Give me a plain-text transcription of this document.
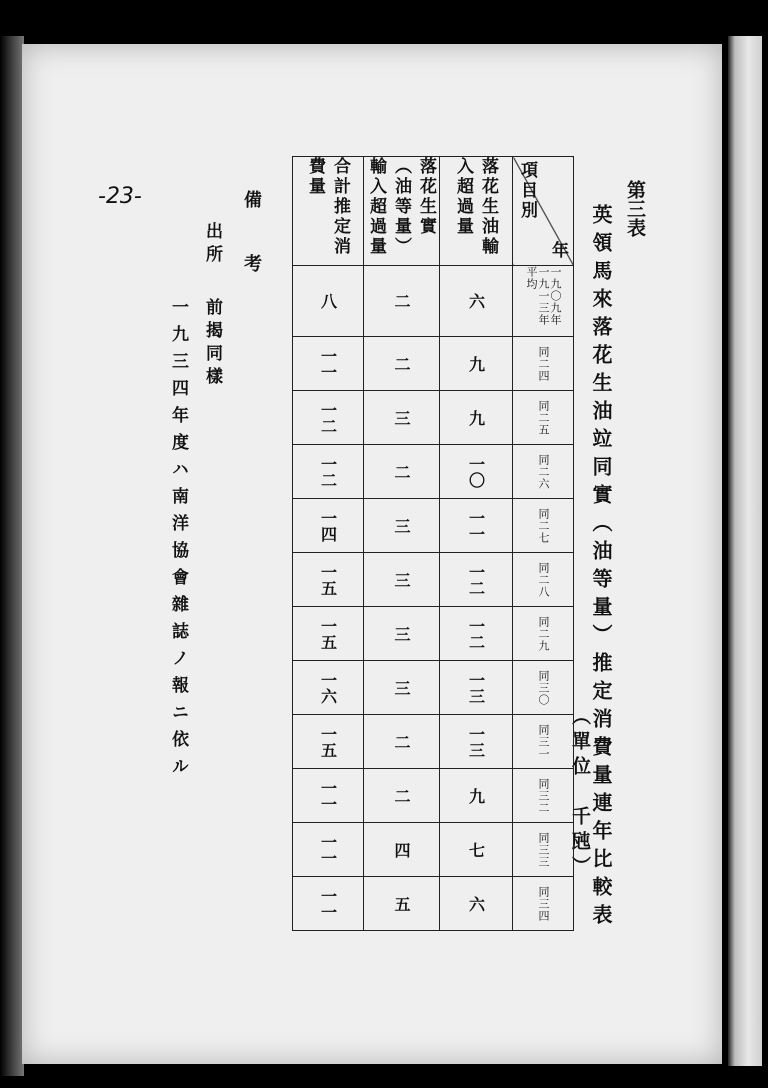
-23-	第三表
英領馬來落花生油竝同實（油等量）推定消費量連年比較表
（單位　千瓲）
合計推定消費量	落花生實（油等量）輸入超過量	落花生油輸入超過量	年
項目別

八	二	六	一九〇九年一九一三年平均

一一	二	九	同二四

一二	三	九	同二五

一二	二	一〇	同二六

一四	三	一一	同二七

一五	三	一二	同二八

一五	三	一二	同二九

一六	三	一三	同三〇

一五	二	一三	同三一

一一	二	九	同三二

一一	四	七	同三三

一一	五	六	同三四
備　考
出所
前揭同樣
一九三四年度ハ南洋協會雜誌ノ報ニ依ル
